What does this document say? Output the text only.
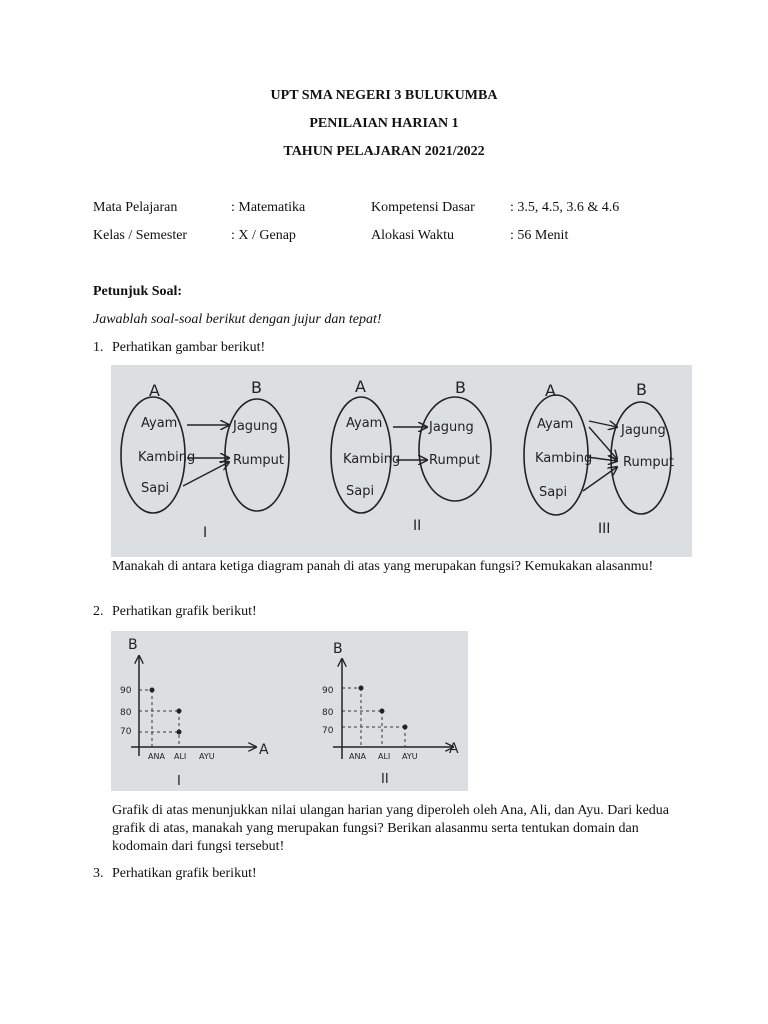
UPT SMA NEGERI 3 BULUKUMBA
PENILAIAN HARIAN 1
TAHUN PELAJARAN 2021/2022
Mata Pelajaran	: Matematika	Kompetensi Dasar	: 3.5, 4.5, 3.6 & 4.6
Kelas / Semester	: X / Genap	Alokasi Waktu	: 56 Menit
Petunjuk Soal:
Jawablah soal-soal berikut dengan jujur dan tepat!
1. Perhatikan gambar berikut!
A	B
Ayam
Kambing
Sapi
Jagung
Rumput
I
A	B
Ayam
Kambing
Sapi
Jagung
Rumput
II
A	B
Ayam
Kambing
Sapi
Jagung
Rumput
III
Manakah di antara ketiga diagram panah di atas yang merupakan fungsi? Kemukakan alasanmu!
2. Perhatikan grafik berikut!
B
A
90
80
70
ANA ALI AYU
I
B
A
90
80
70
ANA ALI AYU
II
Grafik di atas menunjukkan nilai ulangan harian yang diperoleh oleh Ana, Ali, dan Ayu. Dari kedua grafik di atas, manakah yang merupakan fungsi? Berikan alasanmu serta tentukan domain dan kodomain dari fungsi tersebut!
3. Perhatikan grafik berikut!
